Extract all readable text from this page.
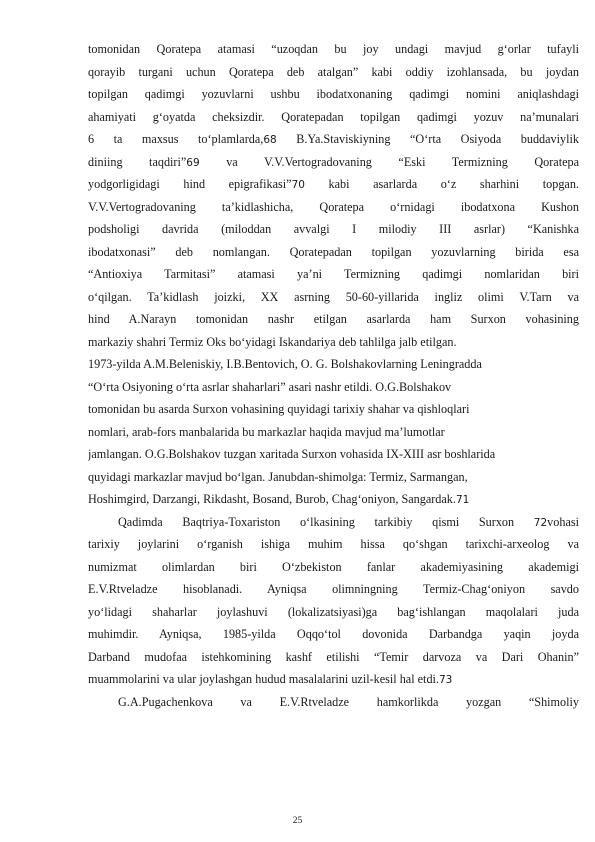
tomonidan Qoratepa atamasi “uzoqdan bu joy undagi mavjud g‘orlar tufayli
qorayib turgani uchun Qoratepa deb atalgan” kabi oddiy izohlansada, bu joydan
topilgan qadimgi yozuvlarni ushbu ibodatxonaning qadimgi nomini aniqlashdagi
ahamiyati g‘oyatda cheksizdir. Qoratepadan topilgan qadimgi yozuv na’munalari
6 ta maxsus to‘plamlarda,68 B.Ya.Staviskiyning “O‘rta Osiyoda buddaviylik
diniing taqdiri”69 va V.V.Vertogradovaning “Eski Termizning Qoratepa
yodgorligidagi hind epigrafikasi”70 kabi asarlarda o‘z sharhini topgan.
V.V.Vertogradovaning ta’kidlashicha, Qoratepa o‘rnidagi ibodatxona Kushon
podsholigi davrida (miloddan avvalgi I milodiy III asrlar) “Kanishka
ibodatxonasi” deb nomlangan. Qoratepadan topilgan yozuvlarning birida esa
“Antioxiya Tarmitasi” atamasi ya’ni Termizning qadimgi nomlaridan biri
o‘qilgan. Ta’kidlash joizki, XX asrning 50-60-yillarida ingliz olimi V.Tarn va
hind A.Narayn tomonidan nashr etilgan asarlarda ham Surxon vohasining
markaziy shahri Termiz Oks bo‘yidagi Iskandariya deb tahlilga jalb etilgan.
1973-yilda A.M.Beleniskiy, I.B.Bentovich, O. G. Bolshakovlarning Leningradda
“O‘rta Osiyoning o‘rta asrlar shaharlari” asari nashr etildi. O.G.Bolshakov
tomonidan bu asarda Surxon vohasining quyidagi tarixiy shahar va qishloqlari
nomlari, arab-fors manbalarida bu markazlar haqida mavjud ma’lumotlar
jamlangan. O.G.Bolshakov tuzgan xaritada Surxon vohasida IX-XIII asr boshlarida
quyidagi markazlar mavjud bo‘lgan. Janubdan-shimolga: Termiz, Sarmangan,
Hoshimgird, Darzangi, Rikdasht, Bosand, Burob, Chag‘oniyon, Sangardak.71
Qadimda Baqtriya-Toxariston o‘lkasining tarkibiy qismi Surxon 72vohasi
tarixiy joylarini o‘rganish ishiga muhim hissa qo‘shgan tarixchi-arxeolog va
numizmat olimlardan biri O‘zbekiston fanlar akademiyasining akademigi
E.V.Rtveladze hisoblanadi. Ayniqsa olimningning Termiz-Chag‘oniyon savdo
yo‘lidagi shaharlar joylashuvi (lokalizatsiyasi)ga bag‘ishlangan maqolalari juda
muhimdir. Ayniqsa, 1985-yilda Oqqo‘tol dovonida Darbandga yaqin joyda
Darband mudofaa istehkomining kashf etilishi “Temir darvoza va Dari Ohanin”
muammolarini va ular joylashgan hudud masalalarini uzil-kesil hal etdi.73
G.A.Pugachenkova va E.V.Rtveladze hamkorlikda yozgan “Shimoliy
25
